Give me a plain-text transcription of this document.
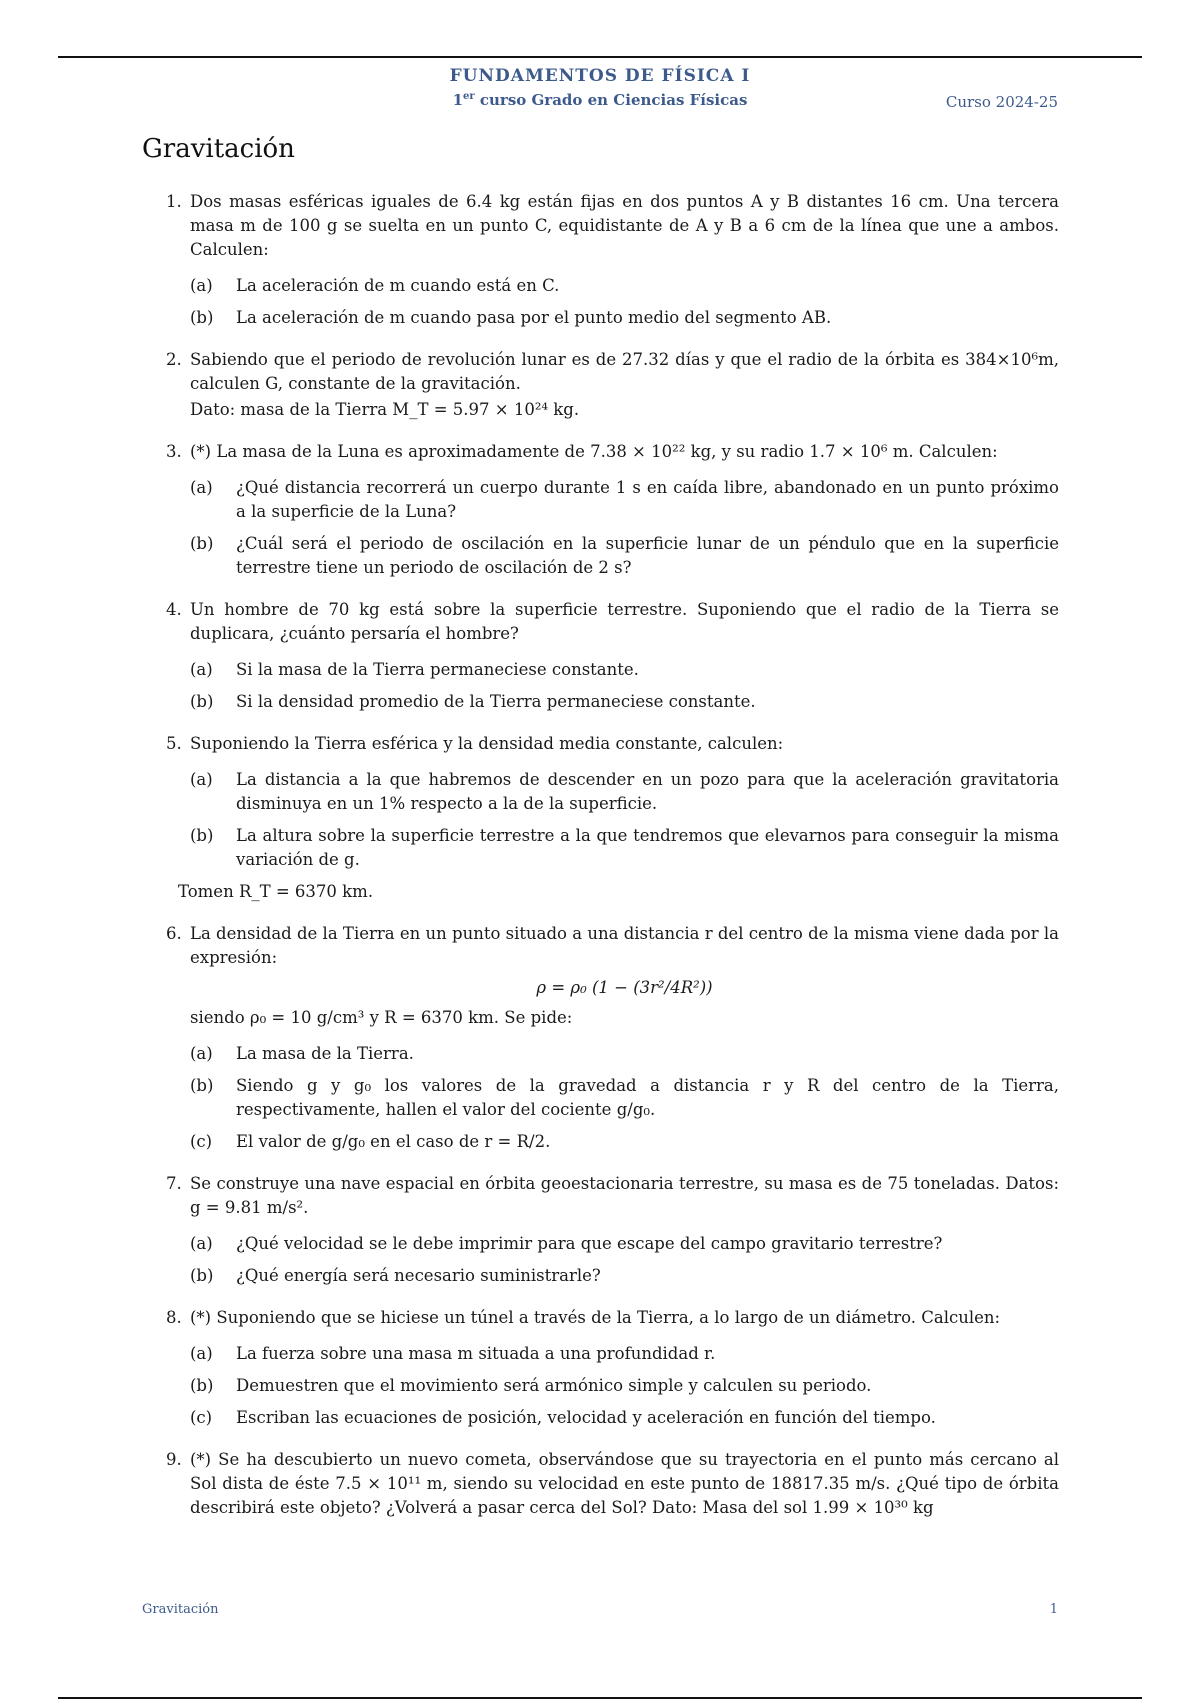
FUNDAMENTOS DE FÍSICA I
1er curso Grado en Ciencias Físicas	Curso 2024-25
Gravitación
1. Dos masas esféricas iguales de 6.4 kg están fijas en dos puntos A y B distantes 16 cm. Una tercera masa m de 100 g se suelta en un punto C, equidistante de A y B a 6 cm de la línea que une a ambos. Calculen:
(a) La aceleración de m cuando está en C.
(b) La aceleración de m cuando pasa por el punto medio del segmento AB.
2. Sabiendo que el periodo de revolución lunar es de 27.32 días y que el radio de la órbita es 384×10⁶m, calculen G, constante de la gravitación.
Dato: masa de la Tierra M_T = 5.97 × 10²⁴ kg.
3. (*) La masa de la Luna es aproximadamente de 7.38 × 10²² kg, y su radio 1.7 × 10⁶ m. Calculen:
(a) ¿Qué distancia recorrerá un cuerpo durante 1 s en caída libre, abandonado en un punto próximo a la superficie de la Luna?
(b) ¿Cuál será el periodo de oscilación en la superficie lunar de un péndulo que en la superficie terrestre tiene un periodo de oscilación de 2 s?
4. Un hombre de 70 kg está sobre la superficie terrestre. Suponiendo que el radio de la Tierra se duplicara, ¿cuánto persaría el hombre?
(a) Si la masa de la Tierra permaneciese constante.
(b) Si la densidad promedio de la Tierra permaneciese constante.
5. Suponiendo la Tierra esférica y la densidad media constante, calculen:
(a) La distancia a la que habremos de descender en un pozo para que la aceleración gravitatoria disminuya en un 1% respecto a la de la superficie.
(b) La altura sobre la superficie terrestre a la que tendremos que elevarnos para conseguir la misma variación de g.
Tomen R_T = 6370 km.
6. La densidad de la Tierra en un punto situado a una distancia r del centro de la misma viene dada por la expresión:
ρ = ρ₀ (1 − (3r²/4R²))
siendo ρ₀ = 10 g/cm³ y R = 6370 km. Se pide:
(a) La masa de la Tierra.
(b) Siendo g y g₀ los valores de la gravedad a distancia r y R del centro de la Tierra, respectivamente, hallen el valor del cociente g/g₀.
(c) El valor de g/g₀ en el caso de r = R/2.
7. Se construye una nave espacial en órbita geoestacionaria terrestre, su masa es de 75 toneladas. Datos: g = 9.81 m/s².
(a) ¿Qué velocidad se le debe imprimir para que escape del campo gravitario terrestre?
(b) ¿Qué energía será necesario suministrarle?
8. (*) Suponiendo que se hiciese un túnel a través de la Tierra, a lo largo de un diámetro. Calculen:
(a) La fuerza sobre una masa m situada a una profundidad r.
(b) Demuestren que el movimiento será armónico simple y calculen su periodo.
(c) Escriban las ecuaciones de posición, velocidad y aceleración en función del tiempo.
9. (*) Se ha descubierto un nuevo cometa, observándose que su trayectoria en el punto más cercano al Sol dista de éste 7.5 × 10¹¹ m, siendo su velocidad en este punto de 18817.35 m/s. ¿Qué tipo de órbita describirá este objeto? ¿Volverá a pasar cerca del Sol? Dato: Masa del sol 1.99 × 10³⁰ kg
Gravitación	1
